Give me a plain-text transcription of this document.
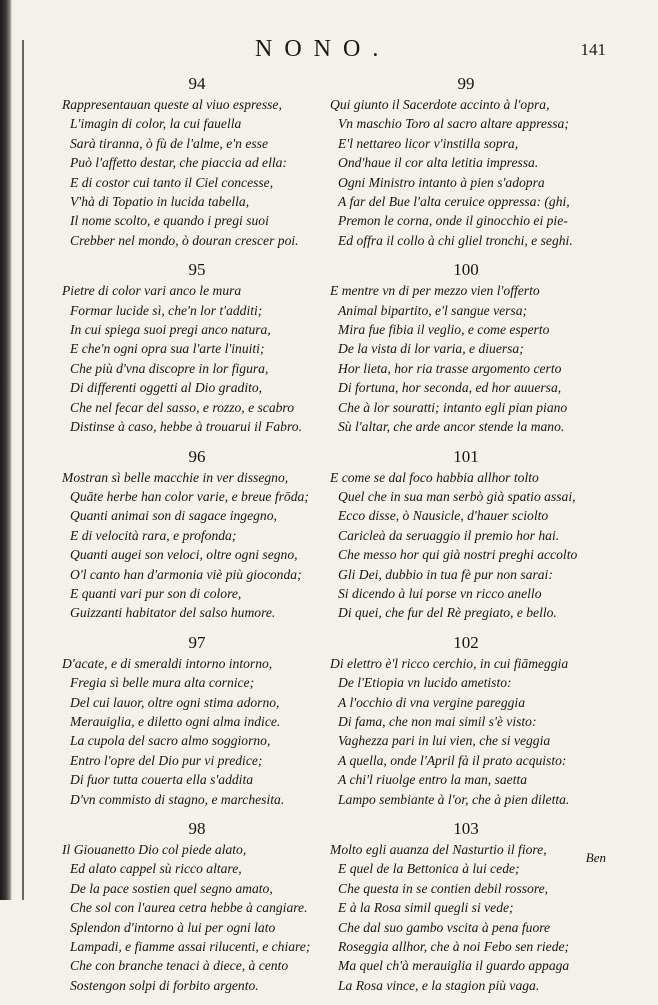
NONO.	141
94
Rappresentauan queste al viuo espresse,
L'imagin di color, la cui fauella
Sarà tiranna, ò fù de l'alme, e'n esse
Può l'affetto destar, che piaccia ad ella:
E di costor cui tanto il Ciel concesse,
V'hà di Topatio in lucida tabella,
Il nome scolto, e quando i pregi suoi
Crebber nel mondo, ò douran crescer poi.
95
Pietre di color vari anco le mura
Formar lucide sì, che'n lor t'additi;
In cui spiega suoi pregi anco natura,
E che'n ogni opra sua l'arte l'inuiti;
Che più d'vna discopre in lor figura,
Di differenti oggetti al Dio gradito,
Che nel fecar del sasso, e rozzo, e scabro
Distinse à caso, hebbe à trouarui il Fabro.
96
Mostran sì belle macchie in ver dissegno,
Quāte herbe han color varie, e breue frōda;
Quanti animai son di sagace ingegno,
E di velocità rara, e profonda;
Quanti augei son veloci, oltre ogni segno,
O'l canto han d'armonia viè più gioconda;
E quanti vari pur son di colore,
Guizzanti habitator del salso humore.
97
D'acate, e di smeraldi intorno intorno,
Fregia sì belle mura alta cornice;
Del cui lauor, oltre ogni stima adorno,
Merauiglia, e diletto ogni alma indice.
La cupola del sacro almo soggiorno,
Entro l'opre del Dio pur vi predice;
Di fuor tutta couerta ella s'addita
D'vn commisto di stagno, e marchesita.
98
Il Giouanetto Dio col piede alato,
Ed alato cappel sù ricco altare,
De la pace sostien quel segno amato,
Che sol con l'aurea cetra hebbe à cangiare.
Splendon d'intorno à lui per ogni lato
Lampadi, e fiamme assai rilucenti, e chiare;
Che con branche tenaci à diece, à cento
Sostengon solpi di forbito argento.
99
Qui giunto il Sacerdote accinto à l'opra,
Vn maschio Toro al sacro altare appressa;
E'l nettareo licor v'instilla sopra,
Ond'haue il cor alta letitia impressa.
Ogni Ministro intanto à pien s'adopra
A far del Bue l'alta ceruice oppressa: (ghi,
Premon le corna, onde il ginocchio ei pie-
Ed offra il collo à chi gliel tronchi, e seghi.
100
E mentre vn di per mezzo vien l'offerto
Animal bipartito, e'l sangue versa;
Mira fue fibia il veglio, e come esperto
De la vista di lor varia, e diuersa;
Hor lieta, hor ria trasse argomento certo
Di fortuna, hor seconda, ed hor auuersa,
Che à lor souratti; intanto egli pian piano
Sù l'altar, che arde ancor stende la mano.
101
E come se dal foco habbia allhor tolto
Quel che in sua man serbò già spatio assai,
Ecco disse, ò Nausicle, d'hauer sciolto
Caricleà da seruaggio il premio hor hai.
Che messo hor qui già nostri preghi accolto
Gli Dei, dubbio in tua fè pur non sarai:
Si dicendo à lui porse vn ricco anello
Di quei, che fur del Rè pregiato, e bello.
102
Di elettro è'l ricco cerchio, in cui fiāmeggia
De l'Etiopia vn lucido ametisto:
A l'occhio di vna vergine pareggia
Di fama, che non mai simil s'è visto:
Vaghezza pari in lui vien, che si veggia
A quella, onde l'April fà il prato acquisto:
A chi'l riuolge entro la man, saetta
Lampo sembiante à l'or, che à pien diletta.
103
Molto egli auanza del Nasturtio il fiore,
E quel de la Bettonica à lui cede;
Che questa in se contien debil rossore,
E à la Rosa simil quegli si vede;
Che dal suo gambo vscita à pena fuore
Roseggia allhor, che à noi Febo sen riede;
Ma quel ch'à merauiglia il guardo appaga
La Rosa vince, e la stagion più vaga.
Ben
